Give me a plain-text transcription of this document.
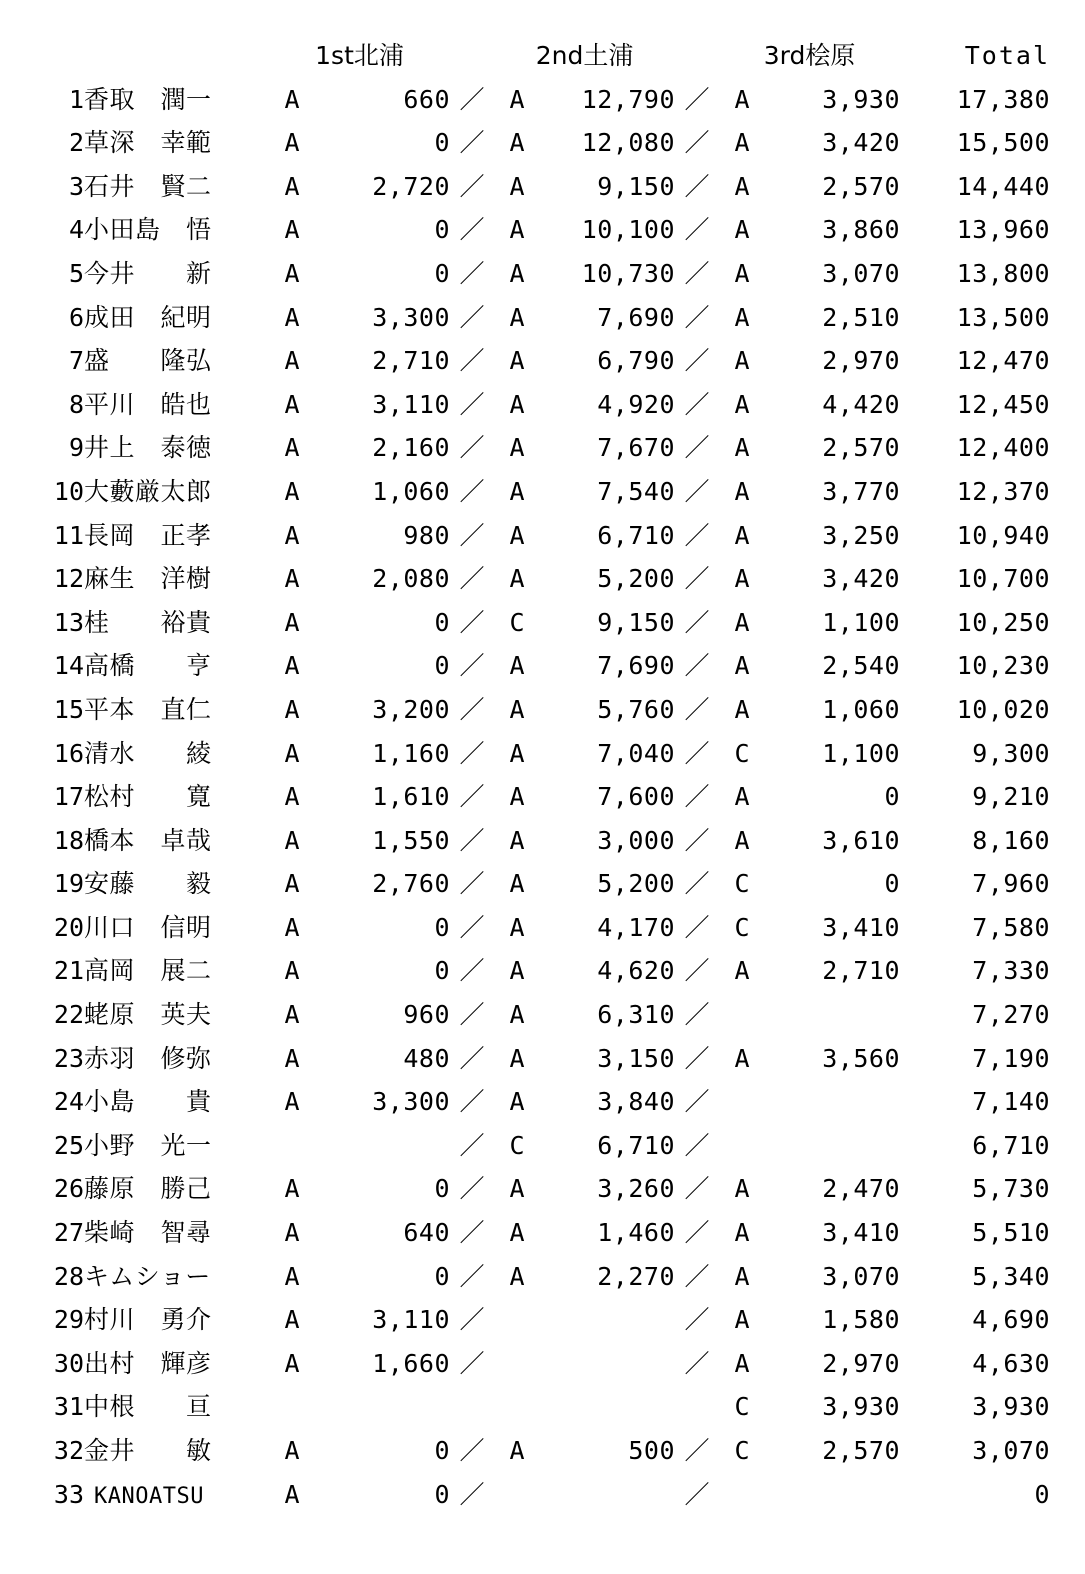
		1st北浦			2nd土浦			3rd桧原		Total
1	香取　潤一	A	660	／	A	12,790	／	A	3,930	17,380
2	草深　幸範	A	0	／	A	12,080	／	A	3,420	15,500
3	石井　賢二	A	2,720	／	A	9,150	／	A	2,570	14,440
4	小田島　悟	A	0	／	A	10,100	／	A	3,860	13,960
5	今井　　新	A	0	／	A	10,730	／	A	3,070	13,800
6	成田　紀明	A	3,300	／	A	7,690	／	A	2,510	13,500
7	盛　　隆弘	A	2,710	／	A	6,790	／	A	2,970	12,470
8	平川　皓也	A	3,110	／	A	4,920	／	A	4,420	12,450
9	井上　泰徳	A	2,160	／	A	7,670	／	A	2,570	12,400
10	大藪厳太郎	A	1,060	／	A	7,540	／	A	3,770	12,370
11	長岡　正孝	A	980	／	A	6,710	／	A	3,250	10,940
12	麻生　洋樹	A	2,080	／	A	5,200	／	A	3,420	10,700
13	桂　　裕貴	A	0	／	C	9,150	／	A	1,100	10,250
14	高橋　　亨	A	0	／	A	7,690	／	A	2,540	10,230
15	平本　直仁	A	3,200	／	A	5,760	／	A	1,060	10,020
16	清水　　綾	A	1,160	／	A	7,040	／	C	1,100	9,300
17	松村　　寛	A	1,610	／	A	7,600	／	A	0	9,210
18	橋本　卓哉	A	1,550	／	A	3,000	／	A	3,610	8,160
19	安藤　　毅	A	2,760	／	A	5,200	／	C	0	7,960
20	川口　信明	A	0	／	A	4,170	／	C	3,410	7,580
21	高岡　展二	A	0	／	A	4,620	／	A	2,710	7,330
22	蛯原　英夫	A	960	／	A	6,310	／			7,270
23	赤羽　修弥	A	480	／	A	3,150	／	A	3,560	7,190
24	小島　　貴	A	3,300	／	A	3,840	／			7,140
25	小野　光一			／	C	6,710	／			6,710
26	藤原　勝己	A	0	／	A	3,260	／	A	2,470	5,730
27	柴崎　智尋	A	640	／	A	1,460	／	A	3,410	5,510
28	キムショー	A	0	／	A	2,270	／	A	3,070	5,340
29	村川　勇介	A	3,110	／			／	A	1,580	4,690
30	出村　輝彦	A	1,660	／			／	A	2,970	4,630
31	中根　　亘							C	3,930	3,930
32	金井　　敏	A	0	／	A	500	／	C	2,570	3,070
33	KANOATSU	A	0	／			／			0
